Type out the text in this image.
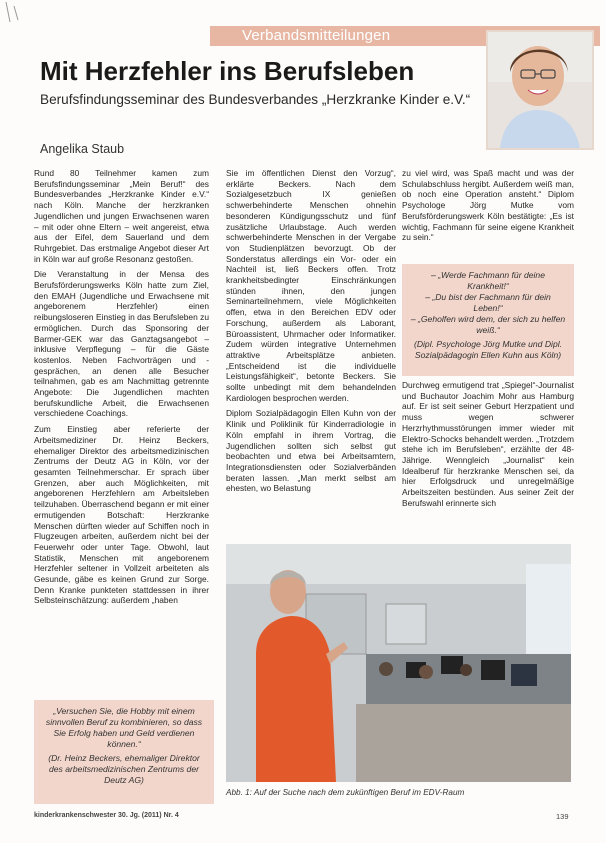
Verbandsmitteilungen
Mit Herzfehler ins Berufsleben

Berufsfindungsseminar des Bundesverbandes „Herzkranke Kinder e.V.“

Angelika Staub

Rund 80 Teilnehmer kamen zum Berufsfindungsseminar „Mein Beruf!“ des Bundesverbandes „Herzkranke Kinder e.V.“ nach Köln. Manche der herzkranken Jugendlichen und jungen Erwachsenen waren – mit oder ohne Eltern – weit angereist, etwa aus der Eifel, dem Sauerland und dem Ruhrgebiet. Das erstmalige Angebot dieser Art in Köln war auf große Resonanz gestoßen.

Die Veranstaltung in der Mensa des Berufsförderungswerks Köln hatte zum Ziel, den EMAH (Jugendliche und Erwachsene mit angeborenem Herzfehler) einen reibungsloseren Einstieg in das Berufsleben zu ermöglichen. Durch das Sponsoring der Barmer-GEK war das Ganztagsangebot – inklusive Verpflegung – für die Gäste kostenlos. Neben Fachvorträgen und -gesprächen, an denen alle Besucher teilnahmen, gab es am Nachmittag getrennte Angebote: Die Jugendlichen machten berufskundliche Arbeit, die Erwachsenen verschiedene Coachings.

Zum Einstieg aber referierte der Arbeitsmediziner Dr. Heinz Beckers, ehemaliger Direktor des arbeitsmedizinischen Zentrums der Deutz AG in Köln, vor der gesamten Teilnehmerschar. Er sprach über Grenzen, aber auch Möglichkeiten, mit angeborenen Herzfehlern am Arbeitsleben teilzuhaben. Überraschend begann er mit einer ermutigenden Botschaft: Herzkranke Menschen dürften wieder auf Schiffen noch in Flugzeugen arbeiten, außerdem nicht bei der Feuerwehr oder unter Tage. Obwohl, laut Statistik, Menschen mit angeborenem Herzfehler seltener in Vollzeit arbeiteten als Gesunde, gäbe es keinen Grund zur Sorge. Denn Kranke punkteten stattdessen in ihrer Selbsteinschätzung: außerdem „haben

Sie im öffentlichen Dienst den Vorzug“, erklärte Beckers. Nach dem Sozialgesetzbuch IX genießen schwerbehinderte Menschen ohnehin besonderen Kündigungsschutz und fünf zusätzliche Urlaubstage. Auch werden schwerbehinderte Menschen in der Vergabe von Studienplätzen bevorzugt. Ob der Sonderstatus allerdings ein Vor- oder ein Nachteil ist, ließ Beckers offen. Trotz krankheitsbedingter Einschränkungen stünden ihnen, den jungen Seminarteilnehmern, viele Möglichkeiten offen, etwa in den Bereichen EDV oder Forschung, außerdem als Laborant, Büroassistent, Uhrmacher oder Informatiker. Zudem würden integrative Unternehmen attraktive Arbeitsplätze anbieten. „Entscheidend ist die individuelle Leistungsfähigkeit“, betonte Beckers. Sie sollte unbedingt mit dem behandelnden Kardiologen besprochen werden.

Diplom Sozialpädagogin Ellen Kuhn von der Klinik und Poliklinik für Kinderradiologie in Köln empfahl in ihrem Vortrag, die Jugendlichen sollten sich selbst gut beobachten und etwa bei Arbeitsamtern, Integrationsdiensten oder Sozialverbänden beraten lassen. „Man merkt selbst am ehesten, wo Belastung

zu viel wird, was Spaß macht und was der Schulabschluss hergibt. Außerdem weiß man, ob noch eine Operation ansteht.“ Diplom Psychologe Jörg Mutke vom Berufsförderungswerk Köln bestätigte: „Es ist wichtig, Fachmann für seine eigene Krankheit zu sein.“

– „Werde Fachmann für deine Krankheit!“
– „Du bist der Fachmann für dein Leben!“
– „Geholfen wird dem, der sich zu helfen weiß.“
(Dipl. Psychologe Jörg Mutke und Dipl. Sozialpädagogin Ellen Kuhn aus Köln)

Durchweg ermutigend trat „Spiegel“-Journalist und Buchautor Joachim Mohr aus Hamburg auf. Er ist seit seiner Geburt Herzpatient und muss wegen schwerer Herzrhythmusstörungen immer wieder mit Elektro-Schocks behandelt werden. „Trotzdem stehe ich im Berufsleben“, erzählte der 48-Jährige. Wenngleich „Journalist“ kein Idealberuf für herzkranke Menschen sei, da hier Erfolgsdruck und unregelmäßige Arbeitszeiten bestünden. Aus seiner Zeit der Berufswahl erinnerte sich

Abb. 1: Auf der Suche nach dem zukünftigen Beruf im EDV-Raum
„Versuchen Sie, die Hobby mit einem sinnvollen Beruf zu kombinieren, so dass Sie Erfolg haben und Geld verdienen können.“
(Dr. Heinz Beckers, ehemaliger Direktor des arbeitsmedizinischen Zentrums der Deutz AG)
kinderkrankenschwester 30. Jg. (2011) Nr. 4	139
